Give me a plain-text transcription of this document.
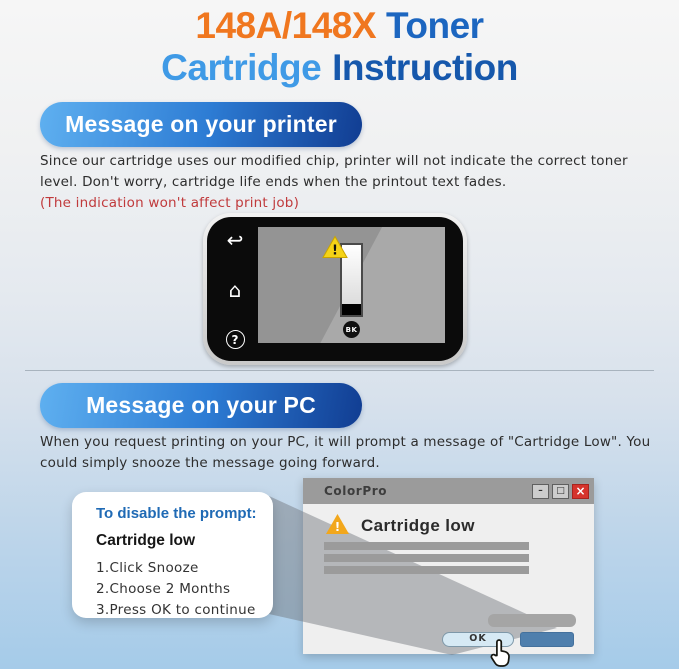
148A/148X Toner
Cartridge Instruction
Message on your printer
Since our cartridge uses our modified chip, printer will not indicate the correct toner level. Don't worry, cartridge life ends when the printout text fades.
(The indication won't affect print job)
↩
⌂
?
!
BK
Message on your PC
When you request printing on your PC, it will prompt a message of "Cartridge Low". You could simply snooze the message going forward.
ColorPro	–	□ ×
! Cartridge low
OK
To disable the prompt:
Cartridge low
1.Click Snooze
2.Choose 2 Months
3.Press OK to continue
